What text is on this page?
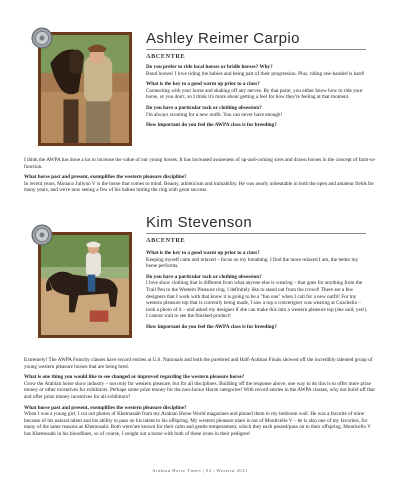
Ashley Reimer Carpio
ABCENTRE

Do you prefer to ride local horses or bridle horses? Why?

Bond horses! I love riding the babies and being part of their progression. Plus, riding one-handed is hard!

What is the key to a good warm up prior to a class?

Connecting with your horse and shaking off any nerves. By that point, you either know how to ride your horse, or you don't, so I think it's more about getting a feel for how they're feeling at that moment.

Do you have a particular tack or clothing obsession?

I'm always scouting for a new outfit. You can never have enough!

How important do you feel the AWPA class is for breeding?

I think the AWPA has done a lot to increase the value of our young horses. It has increased awareness of up-and-coming sires and drawn horses in the concept of farm-to-function.

What horse past and present, exemplifies the western pleasure discipline?

In recent years, Monaco Jullynn V is the horse that comes to mind. Beauty, athleticism and trainability. He was nearly unbeatable in both the open and amateur fields for many years, and we're now seeing a few of his babies hitting the ring with great success.

Kim Stevenson
ABCENTRE

What is the key to a good warm up prior to a class?

Keeping myself calm and relaxed – focus on my breathing. I find the more relaxed I am, the better my horse performs.

Do you have a particular tack or clothing obsession?

I love show clothing that is different from what anyone else is wearing – that goes for anything from the Trail Pen to the Western Pleasure ring. I definitely like to stand out from the crowd! There are a few designers that I work with that know it is going to be a "fun one" when I call for a new outfit! For my western pleasure top that is currently being made, I saw a top a concertgoer was wearing at Coachella – took a photo of it – and asked my designer if she can make this into a western pleasure top (she said, yes!). I cannot wait to see the finished product!

How important do you feel the AWPA class is for breeding?

Extremely! The AWPA Futurity classes have record entries at U.S. Nationals and both the purebred and Half-Arabian Finals showed off the incredibly talented group of young western pleasure horses that are being bred.

What is one thing you would like to see changed or improved regarding the western pleasure horse?

Grow the Arabian horse show industry – not only for western pleasure, but for all disciplines. Building off the response above, one way to do this is to offer more prize money or other incentives for exhibitors. Perhaps some prize money for the non-Junior Horse categories! With record entries in the AWPA classes, why not build off that and offer prize money incentives for all exhibitors?

What horse past and present, exemplifies the western pleasure discipline?

When I was a young girl, I cut out photos of Khemosabi from my Arabian Horse World magazines and pinned them to my bedroom wall. He was a favorite of mine because of his natural talent and his ability to pass on his talent to his offspring. My western pleasure mare is out of Monticello V – he is also one of my favorites, for many of the same reasons as Khemosabi. Both were/are known for their calm and gentle temperament, which they each passed/pass on to their offspring. Monticello V has Khemosabi in his bloodlines, so of course, I sought out a horse with both of these icons in their pedigree!

Arabian Horse Times | 62 | Western 2021
